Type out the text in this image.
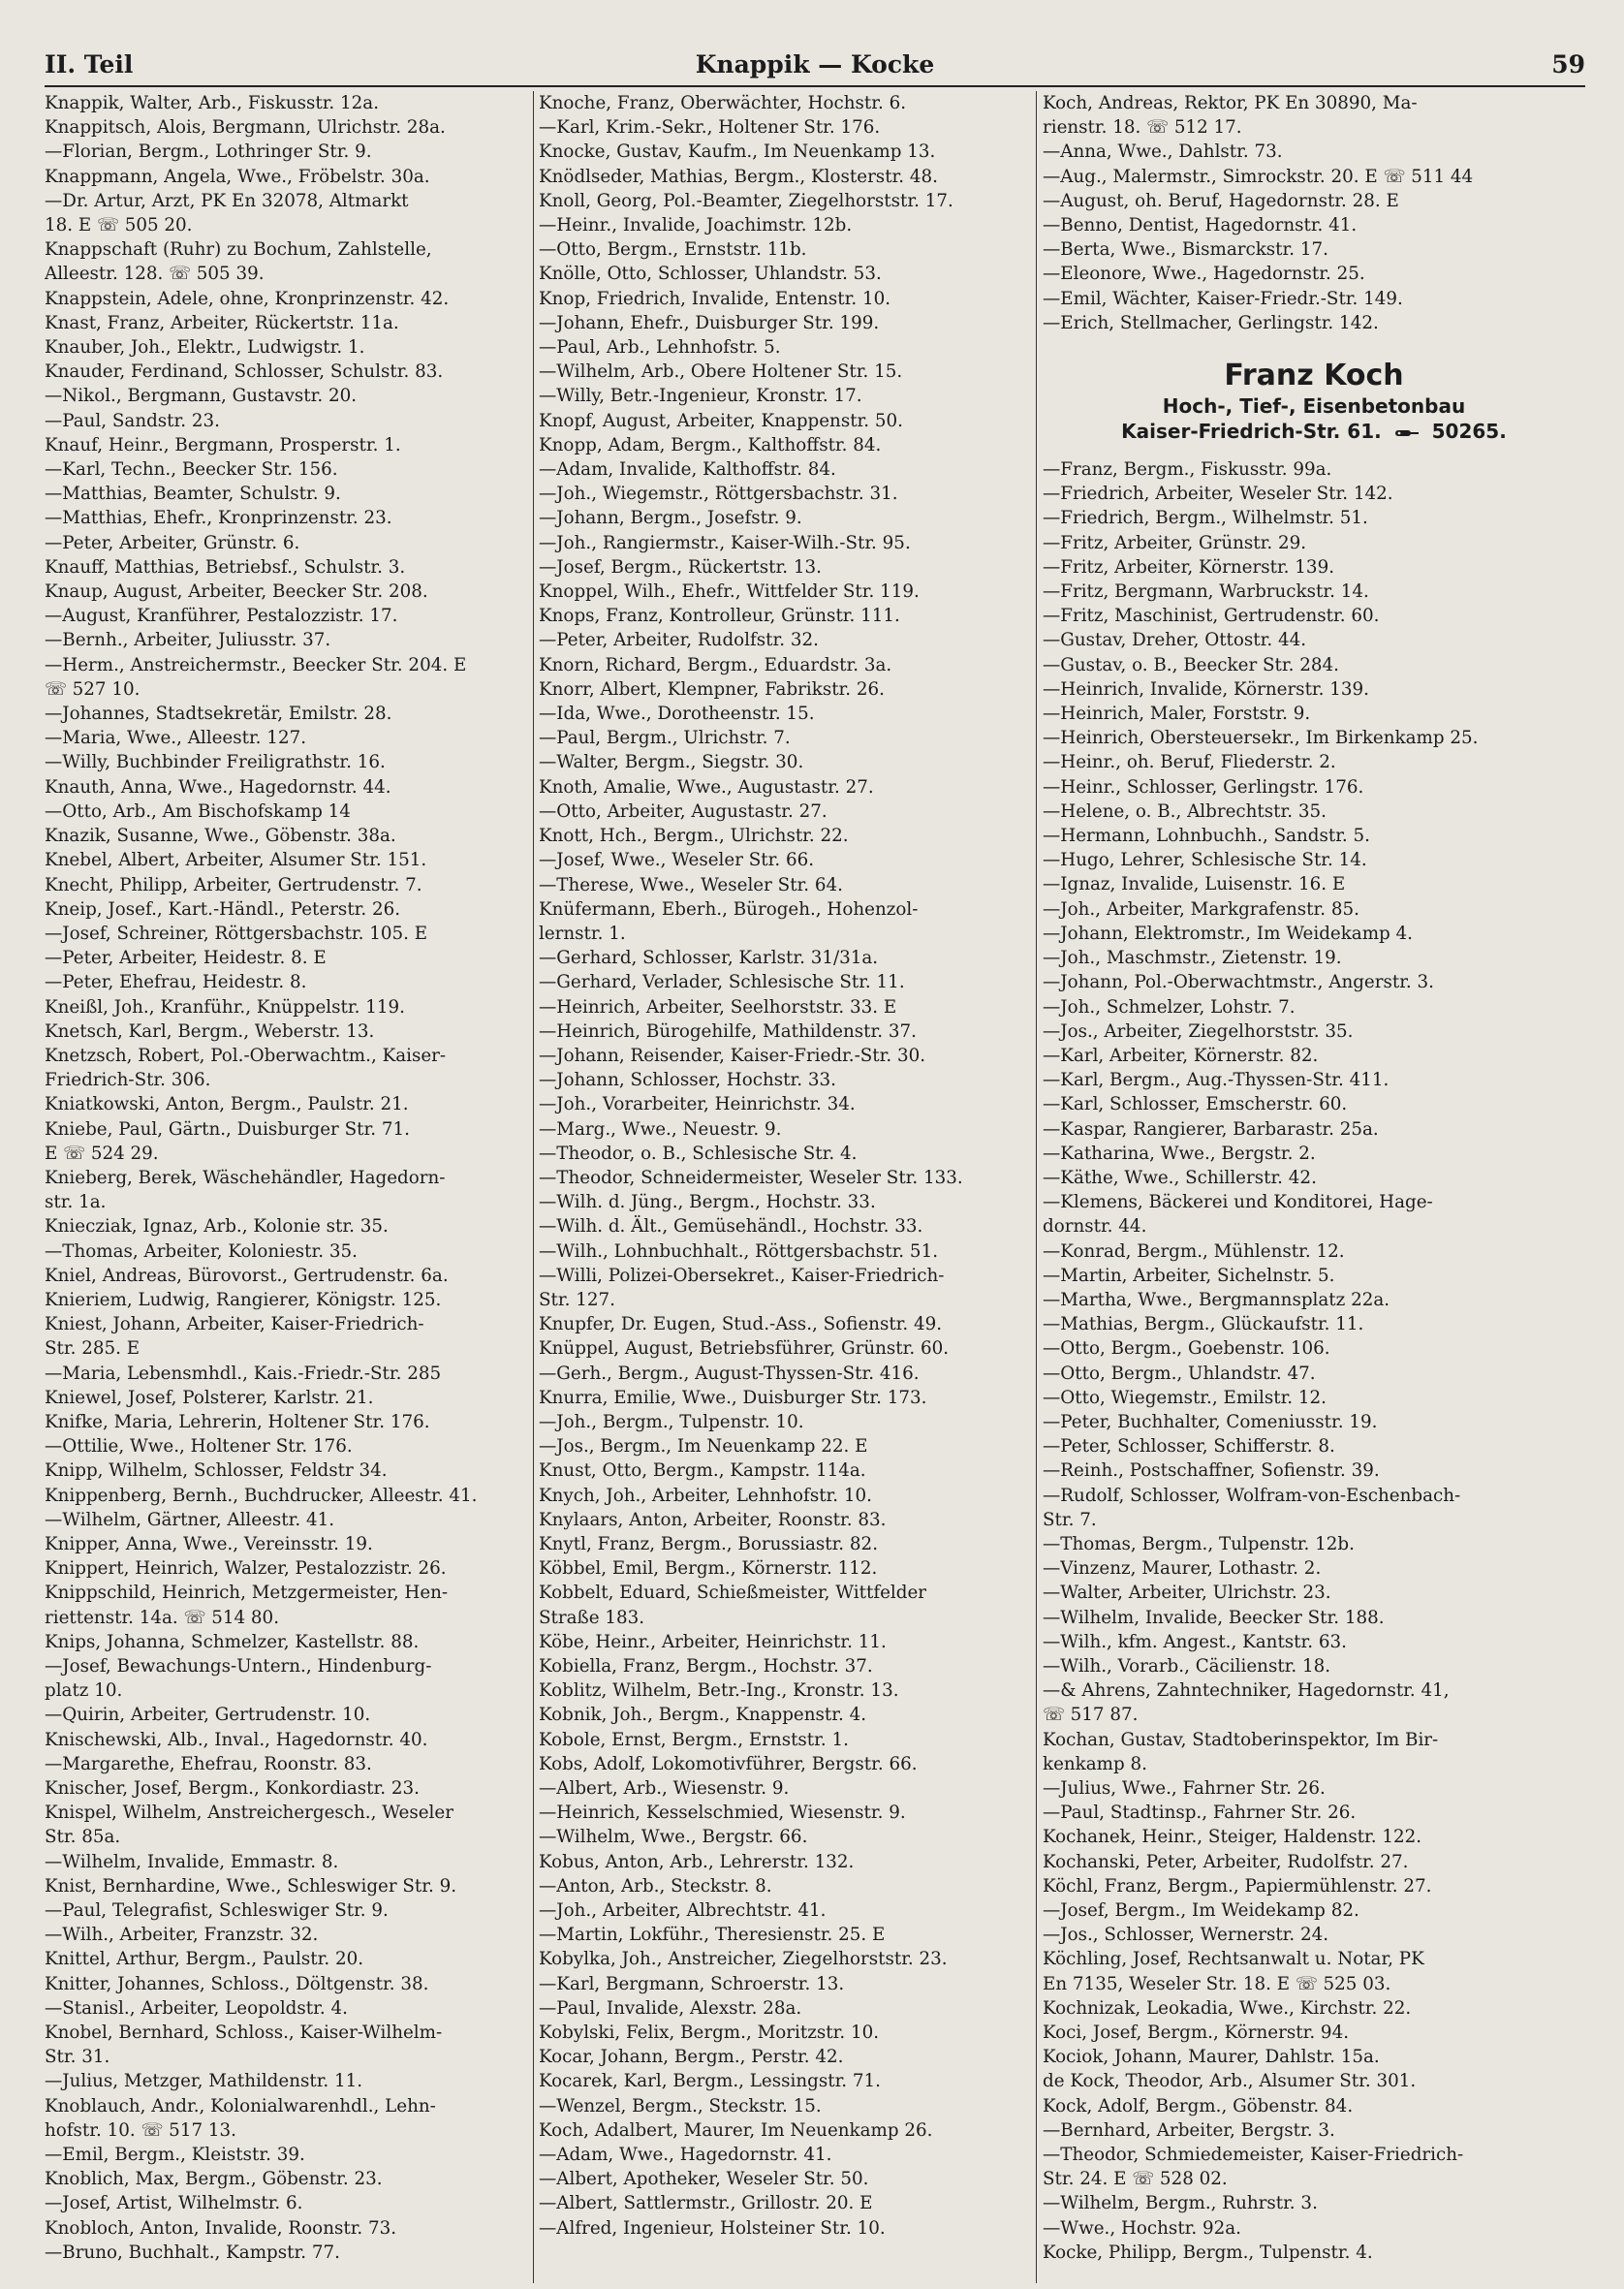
II. Teil	Knappik — Kocke	59
Knappik, Walter, Arb., Fiskusstr. 12a.
Knappitsch, Alois, Bergmann, Ulrichstr. 28a.
—Florian, Bergm., Lothringer Str. 9.
Knappmann, Angela, Wwe., Fröbelstr. 30a.
—Dr. Artur, Arzt, PK En 32078, Altmarkt
18. E ☏ 505 20.
Knappschaft (Ruhr) zu Bochum, Zahlstelle,
Alleestr. 128. ☏ 505 39.
Knappstein, Adele, ohne, Kronprinzenstr. 42.
Knast, Franz, Arbeiter, Rückertstr. 11a.
Knauber, Joh., Elektr., Ludwigstr. 1.
Knauder, Ferdinand, Schlosser, Schulstr. 83.
—Nikol., Bergmann, Gustavstr. 20.
—Paul, Sandstr. 23.
Knauf, Heinr., Bergmann, Prosperstr. 1.
—Karl, Techn., Beecker Str. 156.
—Matthias, Beamter, Schulstr. 9.
—Matthias, Ehefr., Kronprinzenstr. 23.
—Peter, Arbeiter, Grünstr. 6.
Knauff, Matthias, Betriebsf., Schulstr. 3.
Knaup, August, Arbeiter, Beecker Str. 208.
—August, Kranführer, Pestalozzistr. 17.
—Bernh., Arbeiter, Juliusstr. 37.
—Herm., Anstreichermstr., Beecker Str. 204. E
☏ 527 10.
—Johannes, Stadtsekretär, Emilstr. 28.
—Maria, Wwe., Alleestr. 127.
—Willy, Buchbinder Freiligrathstr. 16.
Knauth, Anna, Wwe., Hagedornstr. 44.
—Otto, Arb., Am Bischofskamp 14
Knazik, Susanne, Wwe., Göbenstr. 38a.
Knebel, Albert, Arbeiter, Alsumer Str. 151.
Knecht, Philipp, Arbeiter, Gertrudenstr. 7.
Kneip, Josef., Kart.-Händl., Peterstr. 26.
—Josef, Schreiner, Röttgersbachstr. 105. E
—Peter, Arbeiter, Heidestr. 8. E
—Peter, Ehefrau, Heidestr. 8.
Kneißl, Joh., Kranführ., Knüppelstr. 119.
Knetsch, Karl, Bergm., Weberstr. 13.
Knetzsch, Robert, Pol.-Oberwachtm., Kaiser-
Friedrich-Str. 306.
Kniatkowski, Anton, Bergm., Paulstr. 21.
Kniebe, Paul, Gärtn., Duisburger Str. 71.
E ☏ 524 29.
Knieberg, Berek, Wäschehändler, Hagedorn-
str. 1a.
Kniecziak, Ignaz, Arb., Kolonie str. 35.
—Thomas, Arbeiter, Koloniestr. 35.
Kniel, Andreas, Bürovorst., Gertrudenstr. 6a.
Knieriem, Ludwig, Rangierer, Königstr. 125.
Kniest, Johann, Arbeiter, Kaiser-Friedrich-
Str. 285. E
—Maria, Lebensmhdl., Kais.-Friedr.-Str. 285
Kniewel, Josef, Polsterer, Karlstr. 21.
Knifke, Maria, Lehrerin, Holtener Str. 176.
—Ottilie, Wwe., Holtener Str. 176.
Knipp, Wilhelm, Schlosser, Feldstr 34.
Knippenberg, Bernh., Buchdrucker, Alleestr. 41.
—Wilhelm, Gärtner, Alleestr. 41.
Knipper, Anna, Wwe., Vereinsstr. 19.
Knippert, Heinrich, Walzer, Pestalozzistr. 26.
Knippschild, Heinrich, Metzgermeister, Hen-
riettenstr. 14a. ☏ 514 80.
Knips, Johanna, Schmelzer, Kastellstr. 88.
—Josef, Bewachungs-Untern., Hindenburg-
platz 10.
—Quirin, Arbeiter, Gertrudenstr. 10.
Knischewski, Alb., Inval., Hagedornstr. 40.
—Margarethe, Ehefrau, Roonstr. 83.
Knischer, Josef, Bergm., Konkordiastr. 23.
Knispel, Wilhelm, Anstreichergesch., Weseler
Str. 85a.
—Wilhelm, Invalide, Emmastr. 8.
Knist, Bernhardine, Wwe., Schleswiger Str. 9.
—Paul, Telegrafist, Schleswiger Str. 9.
—Wilh., Arbeiter, Franzstr. 32.
Knittel, Arthur, Bergm., Paulstr. 20.
Knitter, Johannes, Schloss., Döltgenstr. 38.
—Stanisl., Arbeiter, Leopoldstr. 4.
Knobel, Bernhard, Schloss., Kaiser-Wilhelm-
Str. 31.
—Julius, Metzger, Mathildenstr. 11.
Knoblauch, Andr., Kolonialwarenhdl., Lehn-
hofstr. 10. ☏ 517 13.
—Emil, Bergm., Kleiststr. 39.
Knoblich, Max, Bergm., Göbenstr. 23.
—Josef, Artist, Wilhelmstr. 6.
Knobloch, Anton, Invalide, Roonstr. 73.
—Bruno, Buchhalt., Kampstr. 77.
Knoche, Franz, Oberwächter, Hochstr. 6.
—Karl, Krim.-Sekr., Holtener Str. 176.
Knocke, Gustav, Kaufm., Im Neuenkamp 13.
Knödlseder, Mathias, Bergm., Klosterstr. 48.
Knoll, Georg, Pol.-Beamter, Ziegelhorststr. 17.
—Heinr., Invalide, Joachimstr. 12b.
—Otto, Bergm., Ernststr. 11b.
Knölle, Otto, Schlosser, Uhlandstr. 53.
Knop, Friedrich, Invalide, Entenstr. 10.
—Johann, Ehefr., Duisburger Str. 199.
—Paul, Arb., Lehnhofstr. 5.
—Wilhelm, Arb., Obere Holtener Str. 15.
—Willy, Betr.-Ingenieur, Kronstr. 17.
Knopf, August, Arbeiter, Knappenstr. 50.
Knopp, Adam, Bergm., Kalthoffstr. 84.
—Adam, Invalide, Kalthoffstr. 84.
—Joh., Wiegemstr., Röttgersbachstr. 31.
—Johann, Bergm., Josefstr. 9.
—Joh., Rangiermstr., Kaiser-Wilh.-Str. 95.
—Josef, Bergm., Rückertstr. 13.
Knoppel, Wilh., Ehefr., Wittfelder Str. 119.
Knops, Franz, Kontrolleur, Grünstr. 111.
—Peter, Arbeiter, Rudolfstr. 32.
Knorn, Richard, Bergm., Eduardstr. 3a.
Knorr, Albert, Klempner, Fabrikstr. 26.
—Ida, Wwe., Dorotheenstr. 15.
—Paul, Bergm., Ulrichstr. 7.
—Walter, Bergm., Siegstr. 30.
Knoth, Amalie, Wwe., Augustastr. 27.
—Otto, Arbeiter, Augustastr. 27.
Knott, Hch., Bergm., Ulrichstr. 22.
—Josef, Wwe., Weseler Str. 66.
—Therese, Wwe., Weseler Str. 64.
Knüfermann, Eberh., Bürogeh., Hohenzol-
lernstr. 1.
—Gerhard, Schlosser, Karlstr. 31/31a.
—Gerhard, Verlader, Schlesische Str. 11.
—Heinrich, Arbeiter, Seelhorststr. 33. E
—Heinrich, Bürogehilfe, Mathildenstr. 37.
—Johann, Reisender, Kaiser-Friedr.-Str. 30.
—Johann, Schlosser, Hochstr. 33.
—Joh., Vorarbeiter, Heinrichstr. 34.
—Marg., Wwe., Neuestr. 9.
—Theodor, o. B., Schlesische Str. 4.
—Theodor, Schneidermeister, Weseler Str. 133.
—Wilh. d. Jüng., Bergm., Hochstr. 33.
—Wilh. d. Ält., Gemüsehändl., Hochstr. 33.
—Wilh., Lohnbuchhalt., Röttgersbachstr. 51.
—Willi, Polizei-Obersekret., Kaiser-Friedrich-
Str. 127.
Knupfer, Dr. Eugen, Stud.-Ass., Sofienstr. 49.
Knüppel, August, Betriebsführer, Grünstr. 60.
—Gerh., Bergm., August-Thyssen-Str. 416.
Knurra, Emilie, Wwe., Duisburger Str. 173.
—Joh., Bergm., Tulpenstr. 10.
—Jos., Bergm., Im Neuenkamp 22. E
Knust, Otto, Bergm., Kampstr. 114a.
Knych, Joh., Arbeiter, Lehnhofstr. 10.
Knylaars, Anton, Arbeiter, Roonstr. 83.
Knytl, Franz, Bergm., Borussiastr. 82.
Köbbel, Emil, Bergm., Körnerstr. 112.
Kobbelt, Eduard, Schießmeister, Wittfelder
Straße 183.
Köbe, Heinr., Arbeiter, Heinrichstr. 11.
Kobiella, Franz, Bergm., Hochstr. 37.
Koblitz, Wilhelm, Betr.-Ing., Kronstr. 13.
Kobnik, Joh., Bergm., Knappenstr. 4.
Kobole, Ernst, Bergm., Ernststr. 1.
Kobs, Adolf, Lokomotivführer, Bergstr. 66.
—Albert, Arb., Wiesenstr. 9.
—Heinrich, Kesselschmied, Wiesenstr. 9.
—Wilhelm, Wwe., Bergstr. 66.
Kobus, Anton, Arb., Lehrerstr. 132.
—Anton, Arb., Steckstr. 8.
—Joh., Arbeiter, Albrechtstr. 41.
—Martin, Lokführ., Theresienstr. 25. E
Kobylka, Joh., Anstreicher, Ziegelhorststr. 23.
—Karl, Bergmann, Schroerstr. 13.
—Paul, Invalide, Alexstr. 28a.
Kobylski, Felix, Bergm., Moritzstr. 10.
Kocar, Johann, Bergm., Perstr. 42.
Kocarek, Karl, Bergm., Lessingstr. 71.
—Wenzel, Bergm., Steckstr. 15.
Koch, Adalbert, Maurer, Im Neuenkamp 26.
—Adam, Wwe., Hagedornstr. 41.
—Albert, Apotheker, Weseler Str. 50.
—Albert, Sattlermstr., Grillostr. 20. E
—Alfred, Ingenieur, Holsteiner Str. 10.
Koch, Andreas, Rektor, PK En 30890, Ma-
rienstr. 18. ☏ 512 17.
—Anna, Wwe., Dahlstr. 73.
—Aug., Malermstr., Simrockstr. 20. E ☏ 511 44
—August, oh. Beruf, Hagedornstr. 28. E
—Benno, Dentist, Hagedornstr. 41.
—Berta, Wwe., Bismarckstr. 17.
—Eleonore, Wwe., Hagedornstr. 25.
—Emil, Wächter, Kaiser-Friedr.-Str. 149.
—Erich, Stellmacher, Gerlingstr. 142.
Franz Koch
Hoch-, Tief-, Eisenbetonbau
Kaiser-Friedrich-Str. 61.	50265.
—Franz, Bergm., Fiskusstr. 99a.
—Friedrich, Arbeiter, Weseler Str. 142.
—Friedrich, Bergm., Wilhelmstr. 51.
—Fritz, Arbeiter, Grünstr. 29.
—Fritz, Arbeiter, Körnerstr. 139.
—Fritz, Bergmann, Warbruckstr. 14.
—Fritz, Maschinist, Gertrudenstr. 60.
—Gustav, Dreher, Ottostr. 44.
—Gustav, o. B., Beecker Str. 284.
—Heinrich, Invalide, Körnerstr. 139.
—Heinrich, Maler, Forststr. 9.
—Heinrich, Obersteuersekr., Im Birkenkamp 25.
—Heinr., oh. Beruf, Fliederstr. 2.
—Heinr., Schlosser, Gerlingstr. 176.
—Helene, o. B., Albrechtstr. 35.
—Hermann, Lohnbuchh., Sandstr. 5.
—Hugo, Lehrer, Schlesische Str. 14.
—Ignaz, Invalide, Luisenstr. 16. E
—Joh., Arbeiter, Markgrafenstr. 85.
—Johann, Elektromstr., Im Weidekamp 4.
—Joh., Maschmstr., Zietenstr. 19.
—Johann, Pol.-Oberwachtmstr., Angerstr. 3.
—Joh., Schmelzer, Lohstr. 7.
—Jos., Arbeiter, Ziegelhorststr. 35.
—Karl, Arbeiter, Körnerstr. 82.
—Karl, Bergm., Aug.-Thyssen-Str. 411.
—Karl, Schlosser, Emscherstr. 60.
—Kaspar, Rangierer, Barbarastr. 25a.
—Katharina, Wwe., Bergstr. 2.
—Käthe, Wwe., Schillerstr. 42.
—Klemens, Bäckerei und Konditorei, Hage-
dornstr. 44.
—Konrad, Bergm., Mühlenstr. 12.
—Martin, Arbeiter, Sichelnstr. 5.
—Martha, Wwe., Bergmannsplatz 22a.
—Mathias, Bergm., Glückaufstr. 11.
—Otto, Bergm., Goebenstr. 106.
—Otto, Bergm., Uhlandstr. 47.
—Otto, Wiegemstr., Emilstr. 12.
—Peter, Buchhalter, Comeniusstr. 19.
—Peter, Schlosser, Schifferstr. 8.
—Reinh., Postschaffner, Sofienstr. 39.
—Rudolf, Schlosser, Wolfram-von-Eschenbach-
Str. 7.
—Thomas, Bergm., Tulpenstr. 12b.
—Vinzenz, Maurer, Lothastr. 2.
—Walter, Arbeiter, Ulrichstr. 23.
—Wilhelm, Invalide, Beecker Str. 188.
—Wilh., kfm. Angest., Kantstr. 63.
—Wilh., Vorarb., Cäcilienstr. 18.
—& Ahrens, Zahntechniker, Hagedornstr. 41,
☏ 517 87.
Kochan, Gustav, Stadtoberinspektor, Im Bir-
kenkamp 8.
—Julius, Wwe., Fahrner Str. 26.
—Paul, Stadtinsp., Fahrner Str. 26.
Kochanek, Heinr., Steiger, Haldenstr. 122.
Kochanski, Peter, Arbeiter, Rudolfstr. 27.
Köchl, Franz, Bergm., Papiermühlenstr. 27.
—Josef, Bergm., Im Weidekamp 82.
—Jos., Schlosser, Wernerstr. 24.
Köchling, Josef, Rechtsanwalt u. Notar, PK
En 7135, Weseler Str. 18. E ☏ 525 03.
Kochnizak, Leokadia, Wwe., Kirchstr. 22.
Koci, Josef, Bergm., Körnerstr. 94.
Kociok, Johann, Maurer, Dahlstr. 15a.
de Kock, Theodor, Arb., Alsumer Str. 301.
Kock, Adolf, Bergm., Göbenstr. 84.
—Bernhard, Arbeiter, Bergstr. 3.
—Theodor, Schmiedemeister, Kaiser-Friedrich-
Str. 24. E ☏ 528 02.
—Wilhelm, Bergm., Ruhrstr. 3.
—Wwe., Hochstr. 92a.
Kocke, Philipp, Bergm., Tulpenstr. 4.
